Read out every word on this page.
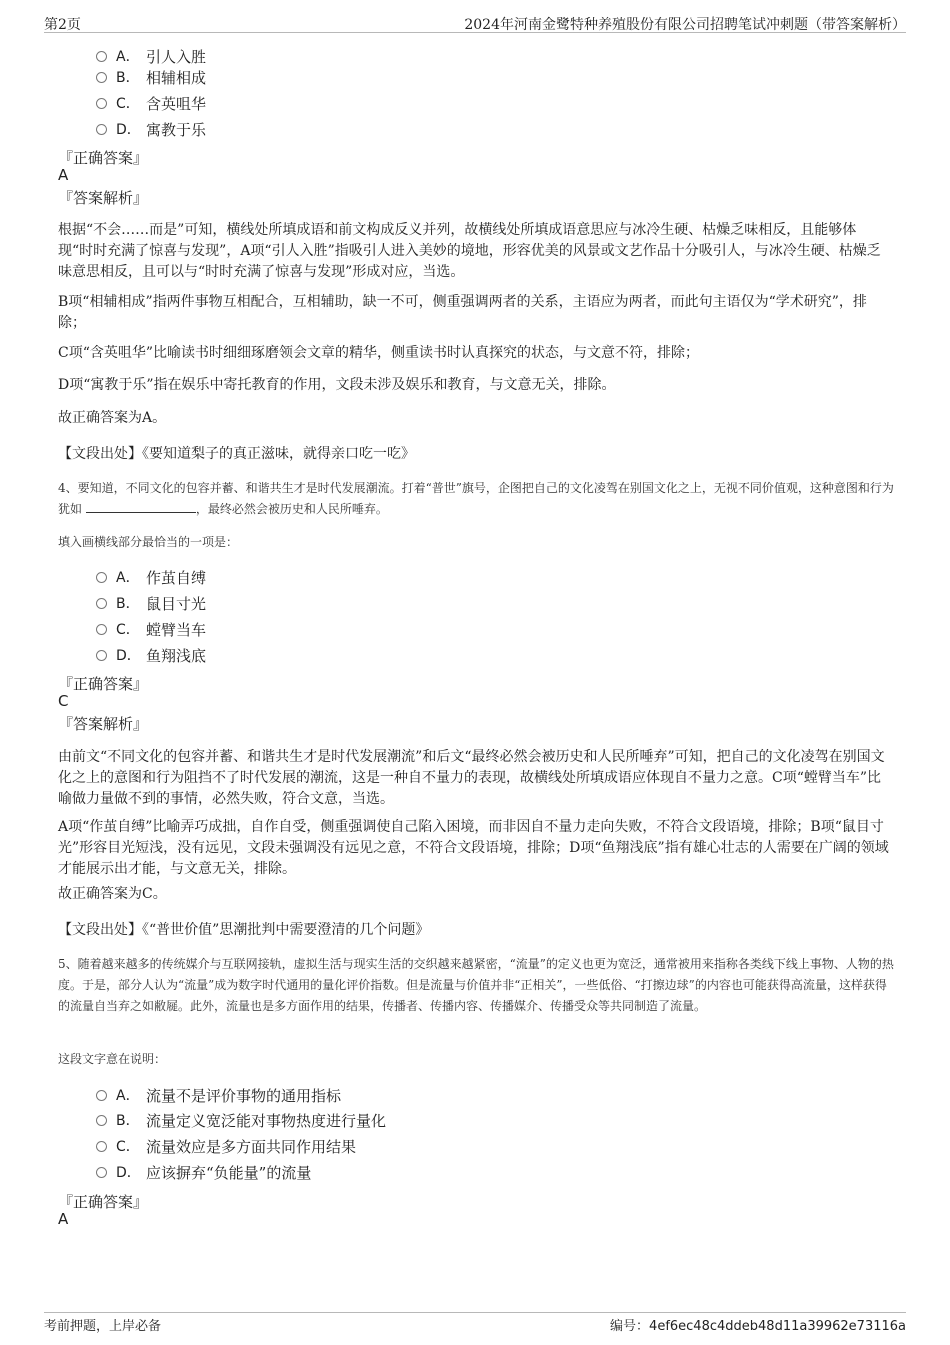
第2页	2024年河南金鹭特种养殖股份有限公司招聘笔试冲刺题（带答案解析）
A． 引人入胜
B． 相辅相成
C． 含英咀华
D． 寓教于乐
『正确答案』
A
『答案解析』

根据“不会……而是”可知，横线处所填成语和前文构成反义并列，故横线处所填成语意思应与冰冷生硬、枯燥乏味相反，且能够体现“时时充满了惊喜与发现”，A项“引人入胜”指吸引人进入美妙的境地，形容优美的风景或文艺作品十分吸引人，与冰冷生硬、枯燥乏味意思相反，且可以与“时时充满了惊喜与发现”形成对应，当选。

B项“相辅相成”指两件事物互相配合，互相辅助，缺一不可，侧重强调两者的关系，主语应为两者，而此句主语仅为“学术研究”，排除；

C项“含英咀华”比喻读书时细细琢磨领会文章的精华，侧重读书时认真探究的状态，与文意不符，排除；

D项“寓教于乐”指在娱乐中寄托教育的作用，文段未涉及娱乐和教育，与文意无关，排除。

故正确答案为A。

【文段出处】《要知道梨子的真正滋味，就得亲口吃一吃》

4、要知道，不同文化的包容并蓄、和谐共生才是时代发展潮流。打着“普世”旗号，企图把自己的文化凌驾在别国文化之上，无视不同价值观，这种意图和行为犹如	，最终必然会被历史和人民所唾弃。

填入画横线部分最恰当的一项是：
A． 作茧自缚
B． 鼠目寸光
C． 螳臂当车
D． 鱼翔浅底
『正确答案』
C
『答案解析』

由前文“不同文化的包容并蓄、和谐共生才是时代发展潮流”和后文“最终必然会被历史和人民所唾弃”可知，把自己的文化凌驾在别国文化之上的意图和行为阻挡不了时代发展的潮流，这是一种自不量力的表现，故横线处所填成语应体现自不量力之意。C项“螳臂当车”比喻做力量做不到的事情，必然失败，符合文意，当选。

A项“作茧自缚”比喻弄巧成拙，自作自受，侧重强调使自己陷入困境，而非因自不量力走向失败，不符合文段语境，排除；B项“鼠目寸光”形容目光短浅，没有远见，文段未强调没有远见之意，不符合文段语境，排除；D项“鱼翔浅底”指有雄心壮志的人需要在广阔的领域才能展示出才能，与文意无关，排除。

故正确答案为C。

【文段出处】《“普世价值”思潮批判中需要澄清的几个问题》

5、随着越来越多的传统媒介与互联网接轨，虚拟生活与现实生活的交织越来越紧密，“流量”的定义也更为宽泛，通常被用来指称各类线下线上事物、人物的热度。于是，部分人认为“流量”成为数字时代通用的量化评价指数。但是流量与价值并非“正相关”，一些低俗、“打擦边球”的内容也可能获得高流量，这样获得的流量自当弃之如敝屣。此外，流量也是多方面作用的结果，传播者、传播内容、传播媒介、传播受众等共同制造了流量。

这段文字意在说明：
A． 流量不是评价事物的通用指标
B． 流量定义宽泛能对事物热度进行量化
C． 流量效应是多方面共同作用结果
D． 应该摒弃“负能量”的流量
『正确答案』
A
考前押题，上岸必备	编号：4ef6ec48c4ddeb48d11a39962e73116a
